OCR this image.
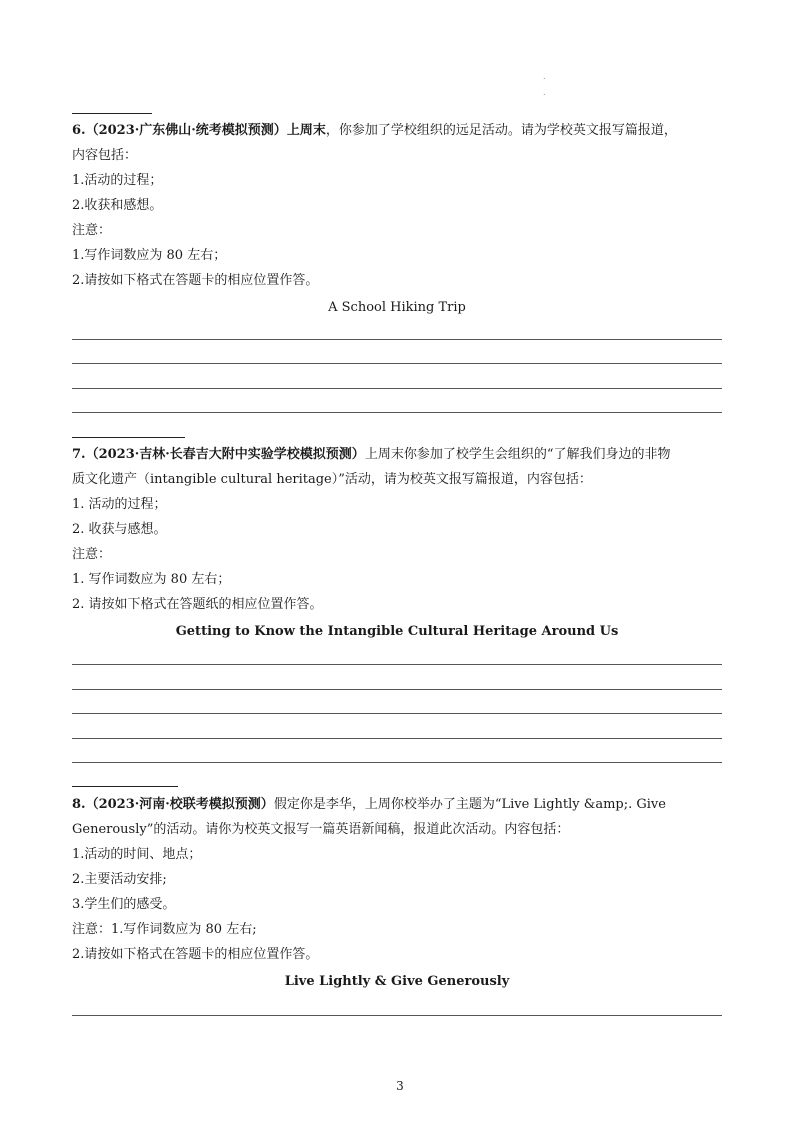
.
.
6.（2023·广东佛山·统考模拟预测）上周末，你参加了学校组织的远足活动。请为学校英文报写篇报道，
内容包括：
1.活动的过程；
2.收获和感想。
注意：
1.写作词数应为 80 左右；
2.请按如下格式在答题卡的相应位置作答。
A School Hiking Trip
7.（2023·吉林·长春吉大附中实验学校模拟预测）上周末你参加了校学生会组织的“了解我们身边的非物
质文化遗产（intangible cultural heritage）”活动，请为校英文报写篇报道，内容包括：
1. 活动的过程；
2. 收获与感想。
注意：
1. 写作词数应为 80 左右；
2. 请按如下格式在答题纸的相应位置作答。
Getting to Know the Intangible Cultural Heritage Around Us
8.（2023·河南·校联考模拟预测）假定你是李华，上周你校举办了主题为“Live Lightly &amp;. Give
Generously”的活动。请你为校英文报写一篇英语新闻稿，报道此次活动。内容包括：
1.活动的时间、地点；
2.主要活动安排;
3.学生们的感受。
注意：1.写作词数应为 80 左右;
2.请按如下格式在答题卡的相应位置作答。
Live Lightly & Give Generously
3
